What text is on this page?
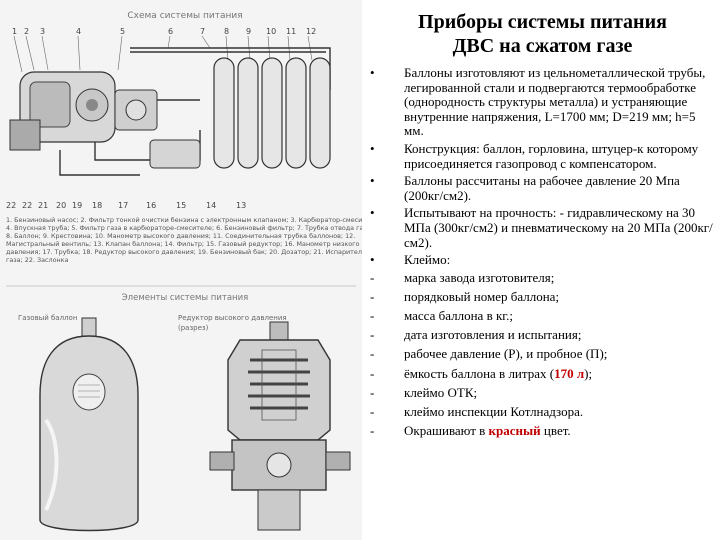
Схема системы питания
1 2 3	4	5	6	7 8 9 10 11 12
22 22 21 20 19 18 17 16 15 14 13
1. Бензиновый насос; 2. Фильтр тонкой очистки бензина с электронным клапаном; 3. Карбюратор-смеситель; 4. Впускная труба; 5. Фильтр газа в карбюраторе-смесителе; 6. Бензиновый фильтр; 7. Трубка отвода газа; 8. Баллон; 9. Крестовина; 10. Манометр высокого давления; 11. Соединительная трубка баллонов; 12. Магистральный вентиль; 13. Клапан баллона; 14. Фильтр; 15. Газовый редуктор; 16. Манометр низкого давления; 17. Трубка; 18. Редуктор высокого давления; 19. Бензиновый бак; 20. Дозатор; 21. Испаритель газа; 22. Заслонка
Элементы системы питания
Газовый баллон	Редуктор высокого давления
(разрез)
Приборы системы питания
ДВС на сжатом газе
•	Баллоны изготовляют из цельнометаллической трубы, легированной стали и подвергаются термообработке (однородность структуры металла) и устраняющие внутренние напряжения, L=1700 мм; D=219 мм; h=5 мм.
•	Конструкция: баллон, горловина, штуцер-к которому присоединяется газопровод с компенсатором.
•	Баллоны рассчитаны на рабочее давление 20 Мпа (200кг/см2).
•	Испытывают на прочность: - гидравлическому на 30 МПа (300кг/см2) и пневматическому на 20 МПа (200кг/см2).
•	Клеймо:
-	марка завода изготовителя;
-	порядковый номер баллона;
-	масса баллона в кг.;
-	дата изготовления и испытания;
-	рабочее давление (Р), и пробное (П);
-	ёмкость баллона в литрах (170 л);
-	клеймо ОТК;
-	клеймо инспекции Котлнадзора.
-	Окрашивают в красный цвет.
